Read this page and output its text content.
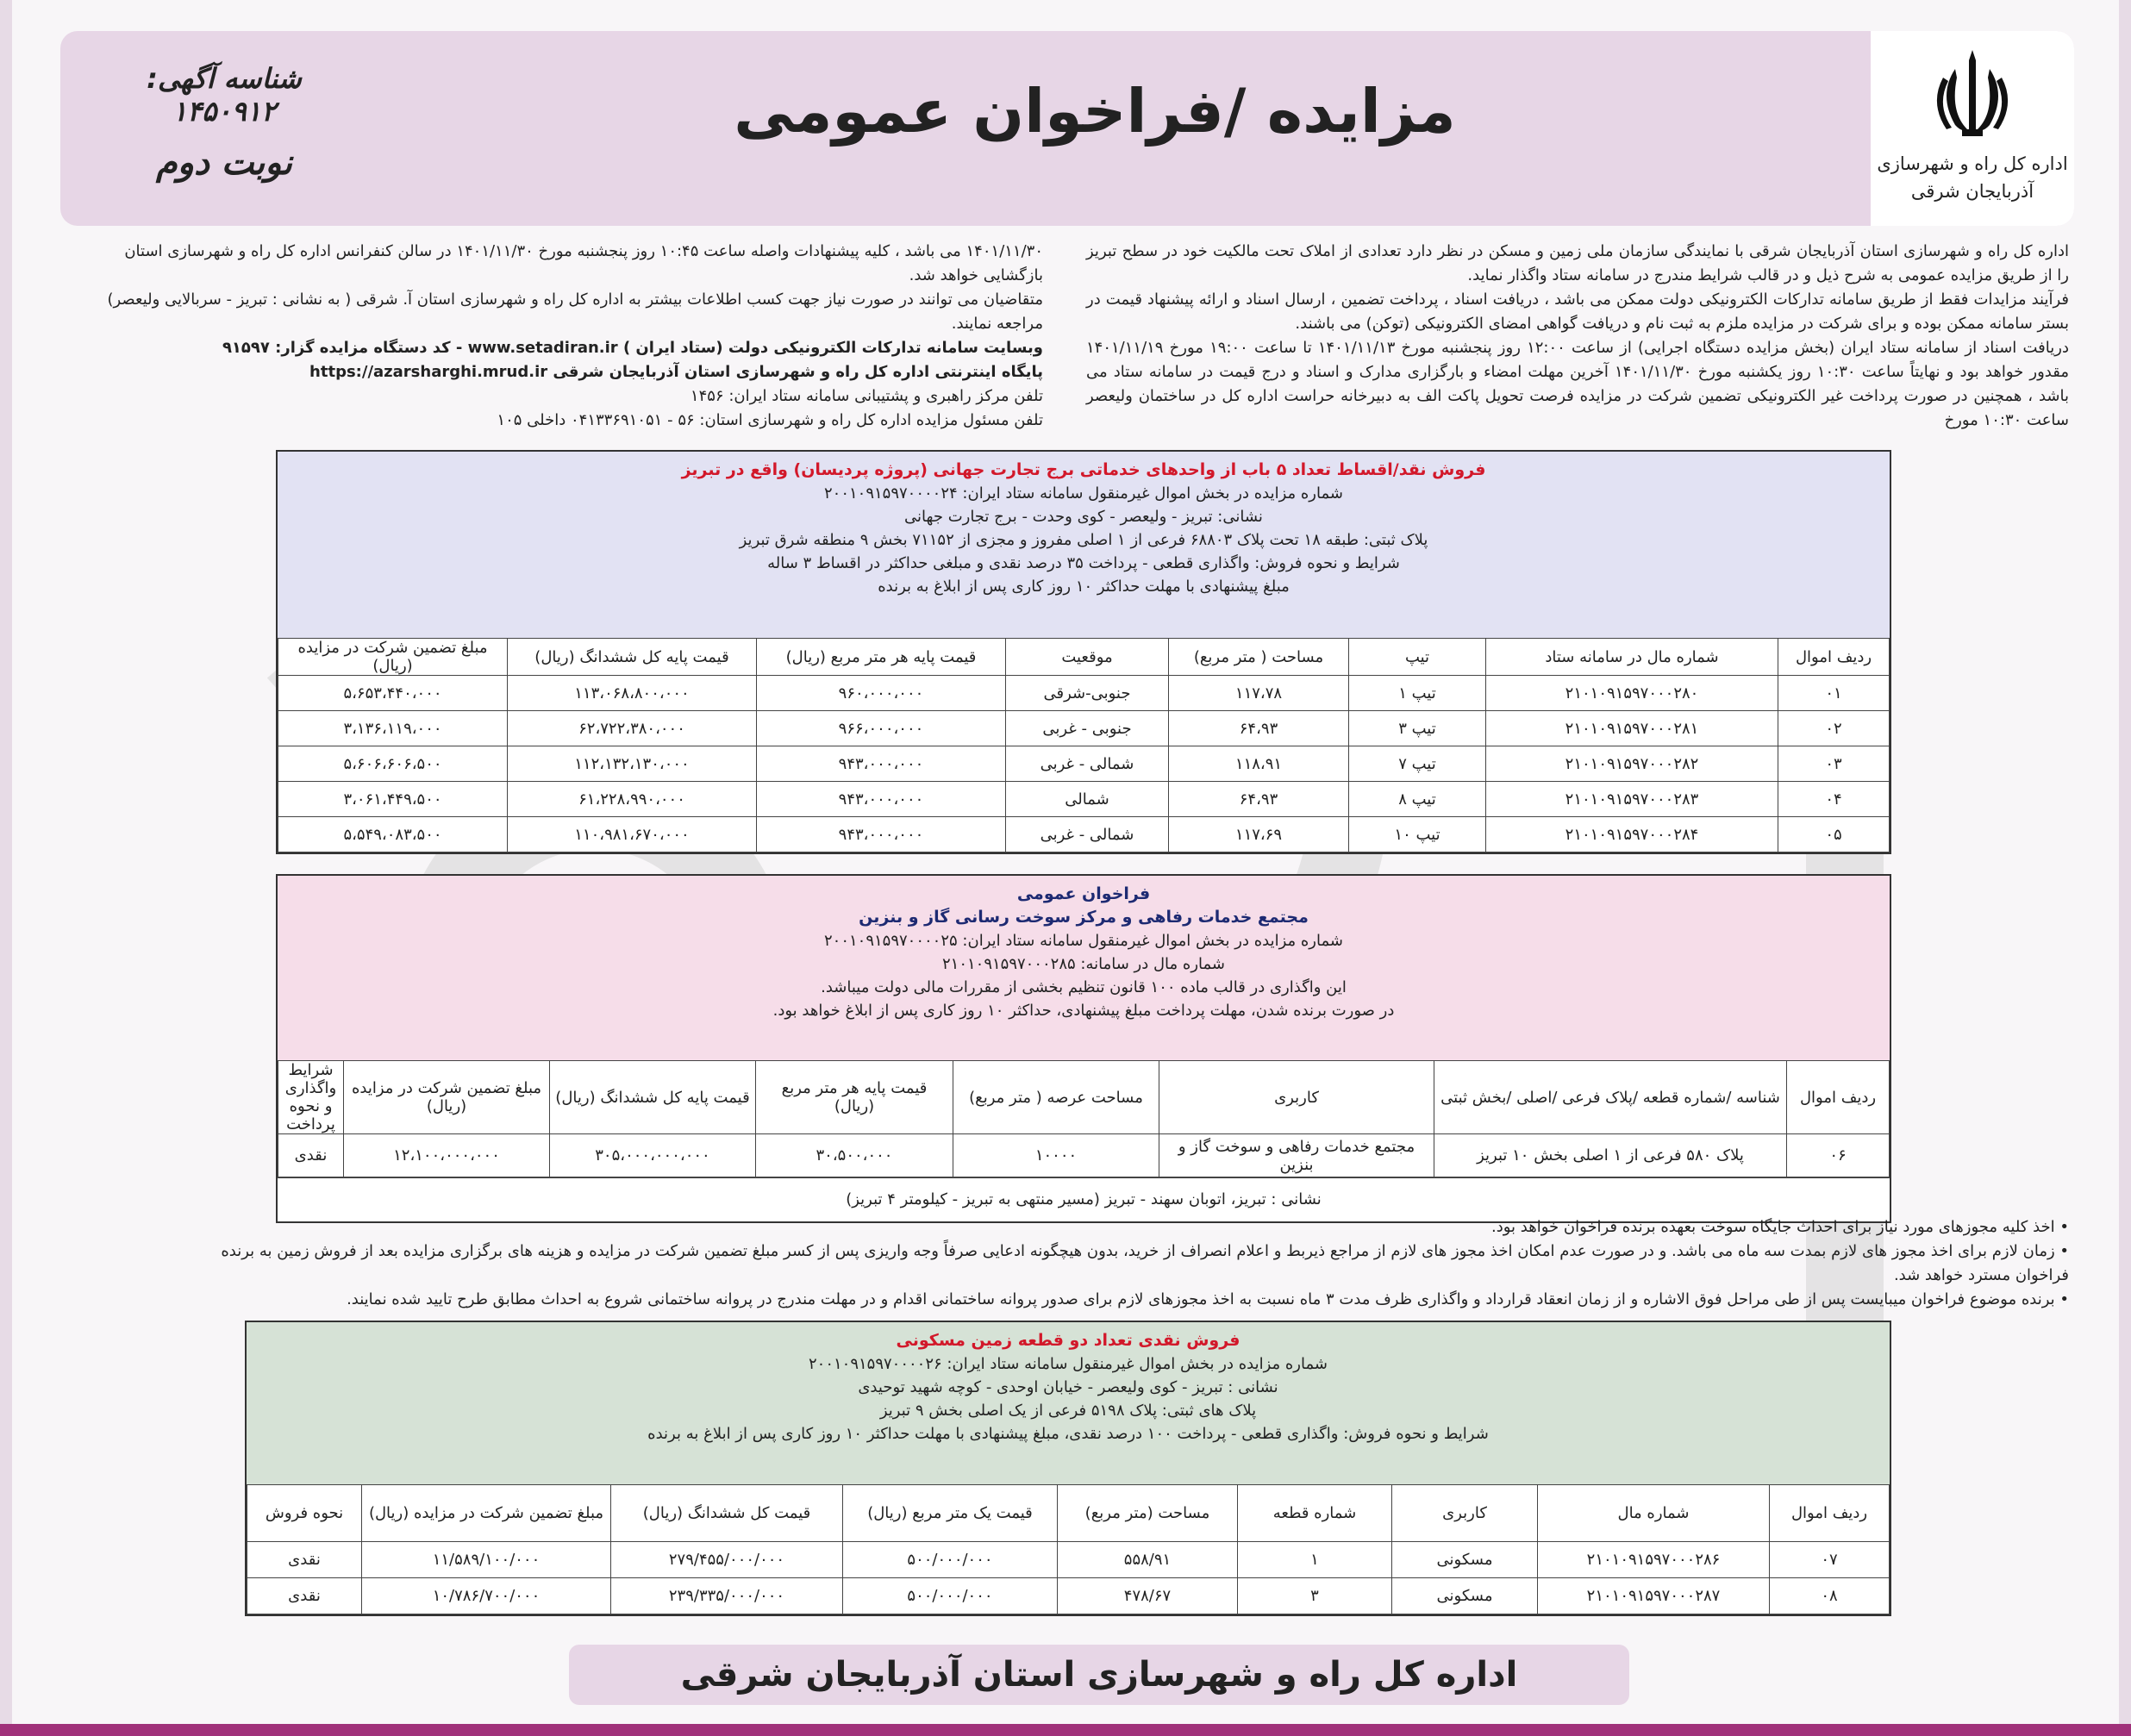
اداره کل راه و شهرسازی
آذربایجان شرقی
مزایده /فراخوان عمومی
شناسه آگهی: ۱۴۵۰۹۱۲
نوبت دوم

اداره کل راه و شهرسازی استان آذربایجان شرقی با نمایندگی سازمان ملی زمین و مسکن در نظر دارد تعدادی از املاک تحت مالکیت خود در سطح تبریز را از طریق مزایده عمومی به شرح ذیل و در قالب شرایط مندرج در سامانه ستاد واگذار نماید.

فرآیند مزایدات فقط از طریق سامانه تدارکات الکترونیکی دولت ممکن می باشد ، دریافت اسناد ، پرداخت تضمین ، ارسال اسناد و ارائه پیشنهاد قیمت در بستر سامانه ممکن بوده و برای شرکت در مزایده ملزم به ثبت نام و دریافت گواهی امضای الکترونیکی (توکن) می باشند.

دریافت اسناد از سامانه ستاد ایران (بخش مزایده دستگاه اجرایی) از ساعت ۱۲:۰۰ روز پنجشنبه مورخ ۱۴۰۱/۱۱/۱۳ تا ساعت ۱۹:۰۰ مورخ ۱۴۰۱/۱۱/۱۹ مقدور خواهد بود و نهایتاً ساعت ۱۰:۳۰ روز یکشنبه مورخ ۱۴۰۱/۱۱/۳۰ آخرین مهلت امضاء و بارگزاری مدارک و اسناد و درج قیمت در سامانه ستاد می باشد ، همچنین در صورت پرداخت غیر الکترونیکی تضمین شرکت در مزایده فرصت تحویل پاکت الف به دبیرخانه حراست اداره کل در ساختمان ولیعصر ساعت ۱۰:۳۰ مورخ

۱۴۰۱/۱۱/۳۰ می باشد ، کلیه پیشنهادات واصله ساعت ۱۰:۴۵ روز پنجشنبه مورخ ۱۴۰۱/۱۱/۳۰ در سالن کنفرانس اداره کل راه و شهرسازی استان بازگشایی خواهد شد.

متقاضیان می توانند در صورت نیاز جهت کسب اطلاعات بیشتر به اداره کل راه و شهرسازی استان آ. شرقی ( به نشانی : تبریز - سربالایی ولیعصر) مراجعه نمایند.

وبسایت سامانه تدارکات الکترونیکی دولت (ستاد ایران ) www.setadiran.ir - کد دستگاه مزایده گزار: ۹۱۵۹۷

پایگاه اینترنتی اداره کل راه و شهرسازی استان آذربایجان شرقی https://azarsharghi.mrud.ir

تلفن مرکز راهبری و پشتیبانی سامانه ستاد ایران: ۱۴۵۶

تلفن مسئول مزایده اداره کل راه و شهرسازی استان: ۵۶ - ۰۴۱۳۳۶۹۱۰۵۱ داخلی ۱۰۵

فروش نقد/اقساط تعداد ۵ باب از واحدهای خدماتی برج تجارت جهانی (پروژه پردیسان) واقع در تبریز
شماره مزایده در بخش اموال غیرمنقول سامانه ستاد ایران: ۲۰۰۱۰۹۱۵۹۷۰۰۰۰۲۴
نشانی: تبریز - ولیعصر - کوی وحدت - برج تجارت جهانی
پلاک ثبتی: طبقه ۱۸ تحت پلاک ۶۸۸۰۳ فرعی از ۱ اصلی مفروز و مجزی از ۷۱۱۵۲ بخش ۹ منطقه شرق تبریز
شرایط و نحوه فروش: واگذاری قطعی - پرداخت ۳۵ درصد نقدی و مبلغی حداکثر در اقساط ۳ ساله
مبلغ پیشنهادی با مهلت حداکثر ۱۰ روز کاری پس از ابلاغ به برنده
ردیف اموال	شماره مال در سامانه ستاد	تیپ	مساحت ( متر مربع)	موقعیت	قیمت پایه هر متر مربع (ریال)	قیمت پایه کل ششدانگ (ریال)	مبلغ تضمین شرکت در مزایده (ریال)
۰۱	۲۱۰۱۰۹۱۵۹۷۰۰۰۲۸۰	تیپ ۱	۱۱۷،۷۸	جنوبی-شرقی	۹۶۰،۰۰۰،۰۰۰	۱۱۳،۰۶۸،۸۰۰،۰۰۰	۵،۶۵۳،۴۴۰،۰۰۰
۰۲	۲۱۰۱۰۹۱۵۹۷۰۰۰۲۸۱	تیپ ۳	۶۴،۹۳	جنوبی - غربی	۹۶۶،۰۰۰،۰۰۰	۶۲،۷۲۲،۳۸۰،۰۰۰	۳،۱۳۶،۱۱۹،۰۰۰
۰۳	۲۱۰۱۰۹۱۵۹۷۰۰۰۲۸۲	تیپ ۷	۱۱۸،۹۱	شمالی - غربی	۹۴۳،۰۰۰،۰۰۰	۱۱۲،۱۳۲،۱۳۰،۰۰۰	۵،۶۰۶،۶۰۶،۵۰۰
۰۴	۲۱۰۱۰۹۱۵۹۷۰۰۰۲۸۳	تیپ ۸	۶۴،۹۳	شمالی	۹۴۳،۰۰۰،۰۰۰	۶۱،۲۲۸،۹۹۰،۰۰۰	۳،۰۶۱،۴۴۹،۵۰۰
۰۵	۲۱۰۱۰۹۱۵۹۷۰۰۰۲۸۴	تیپ ۱۰	۱۱۷،۶۹	شمالی - غربی	۹۴۳،۰۰۰،۰۰۰	۱۱۰،۹۸۱،۶۷۰،۰۰۰	۵،۵۴۹،۰۸۳،۵۰۰
فراخوان عمومی
مجتمع خدمات رفاهی و مرکز سوخت رسانی گاز و بنزین
شماره مزایده در بخش اموال غیرمنقول سامانه ستاد ایران: ۲۰۰۱۰۹۱۵۹۷۰۰۰۰۲۵
شماره مال در سامانه: ۲۱۰۱۰۹۱۵۹۷۰۰۰۲۸۵
این واگذاری در قالب ماده ۱۰۰ قانون تنظیم بخشی از مقررات مالی دولت میباشد.
در صورت برنده شدن، مهلت پرداخت مبلغ پیشنهادی، حداکثر ۱۰ روز کاری پس از ابلاغ خواهد بود.
ردیف اموال	شناسه /شماره قطعه /پلاک فرعی /اصلی /بخش ثبتی	کاربری	مساحت عرصه ( متر مربع)	قیمت پایه هر متر مربع (ریال)	قیمت پایه کل ششدانگ (ریال)	مبلغ تضمین شرکت در مزایده (ریال)	شرایط واگذاری و نحوه پرداخت
۰۶	پلاک ۵۸۰ فرعی از ۱ اصلی بخش ۱۰ تبریز	مجتمع خدمات رفاهی و سوخت گاز و بنزین	۱۰۰۰۰	۳۰،۵۰۰،۰۰۰	۳۰۵،۰۰۰،۰۰۰،۰۰۰	۱۲،۱۰۰،۰۰۰،۰۰۰	نقدی
نشانی : تبریز، اتوبان سهند - تبریز (مسیر منتهی به تبریز - کیلومتر ۴ تبریز)

• اخذ کلیه مجوزهای مورد نیاز برای احداث جایگاه سوخت بعهده برنده فراخوان خواهد بود.

• زمان لازم برای اخذ مجوز های لازم بمدت سه ماه می باشد. و در صورت عدم امکان اخذ مجوز های لازم از مراجع ذیربط و اعلام انصراف از خرید، بدون هیچگونه ادعایی صرفاً وجه واریزی پس از کسر مبلغ تضمین شرکت در مزایده و هزینه های برگزاری مزایده بعد از فروش زمین به برنده فراخوان مسترد خواهد شد.

• برنده موضوع فراخوان میبایست پس از طی مراحل فوق الاشاره و از زمان انعقاد قرارداد و واگذاری ظرف مدت ۳ ماه نسبت به اخذ مجوزهای لازم برای صدور پروانه ساختمانی اقدام و در مهلت مندرج در پروانه ساختمانی شروع به احداث مطابق طرح تایید شده نمایند.

فروش نقدی تعداد دو قطعه زمین مسکونی
شماره مزایده در بخش اموال غیرمنقول سامانه ستاد ایران: ۲۰۰۱۰۹۱۵۹۷۰۰۰۰۲۶
نشانی : تبریز - کوی ولیعصر - خیابان اوحدی - کوچه شهید توحیدی
پلاک های ثبتی: پلاک ۵۱۹۸ فرعی از یک اصلی بخش ۹ تبریز
شرایط و نحوه فروش: واگذاری قطعی - پرداخت ۱۰۰ درصد نقدی، مبلغ پیشنهادی با مهلت حداکثر ۱۰ روز کاری پس از ابلاغ به برنده
ردیف اموال	شماره مال	کاربری	شماره قطعه	مساحت (متر مربع)	قیمت یک متر مربع (ریال)	قیمت کل ششدانگ (ریال)	مبلغ تضمین شرکت در مزایده (ریال)	نحوه فروش
۰۷	۲۱۰۱۰۹۱۵۹۷۰۰۰۲۸۶	مسکونی	۱	۵۵۸/۹۱	۵۰۰/۰۰۰/۰۰۰	۲۷۹/۴۵۵/۰۰۰/۰۰۰	۱۱/۵۸۹/۱۰۰/۰۰۰	نقدی
۰۸	۲۱۰۱۰۹۱۵۹۷۰۰۰۲۸۷	مسکونی	۳	۴۷۸/۶۷	۵۰۰/۰۰۰/۰۰۰	۲۳۹/۳۳۵/۰۰۰/۰۰۰	۱۰/۷۸۶/۷۰۰/۰۰۰	نقدی
اداره کل راه و شهرسازی استان آذربایجان شرقی
